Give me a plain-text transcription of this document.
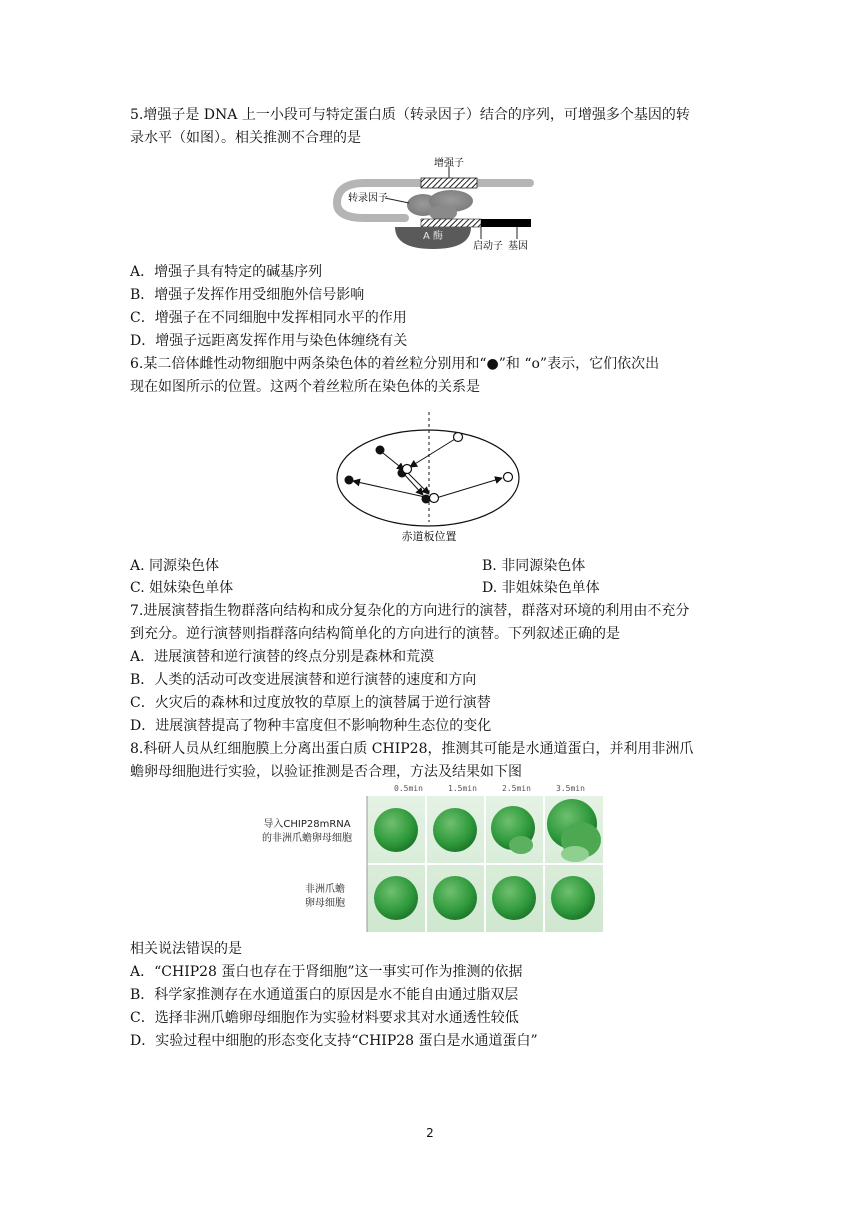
5.增强子是 DNA 上一小段可与特定蛋白质（转录因子）结合的序列，可增强多个基因的转
录水平（如图）。相关推测不合理的是
增强子
转录因子
A 酶
启动子 基因
A．增强子具有特定的碱基序列
B．增强子发挥作用受细胞外信号影响
C．增强子在不同细胞中发挥相同水平的作用
D．增强子远距离发挥作用与染色体缠绕有关
6.某二倍体雌性动物细胞中两条染色体的着丝粒分别用和“●”和 “o”表示，它们依次出
现在如图所示的位置。这两个着丝粒所在染色体的关系是
赤道板位置
A. 同源染色体	B. 非同源染色体
C. 姐妹染色单体	D. 非姐妹染色单体
7.进展演替指生物群落向结构和成分复杂化的方向进行的演替，群落对环境的利用由不充分
到充分。逆行演替则指群落向结构简单化的方向进行的演替。下列叙述正确的是
A．进展演替和逆行演替的终点分别是森林和荒漠
B．人类的活动可改变进展演替和逆行演替的速度和方向
C．火灾后的森林和过度放牧的草原上的演替属于逆行演替
D．进展演替提高了物种丰富度但不影响物种生态位的变化
8.科研人员从红细胞膜上分离出蛋白质 CHIP28，推测其可能是水通道蛋白，并利用非洲爪
蟾卵母细胞进行实验，以验证推测是否合理，方法及结果如下图
0.5min	1.5min	2.5min	3.5min
导入CHIP28mRNA
的非洲爪蟾卵母细胞
非洲爪蟾
卵母细胞
相关说法错误的是
A．“CHIP28 蛋白也存在于肾细胞”这一事实可作为推测的依据
B．科学家推测存在水通道蛋白的原因是水不能自由通过脂双层
C．选择非洲爪蟾卵母细胞作为实验材料要求其对水通透性较低
D．实验过程中细胞的形态变化支持“CHIP28 蛋白是水通道蛋白”
2
